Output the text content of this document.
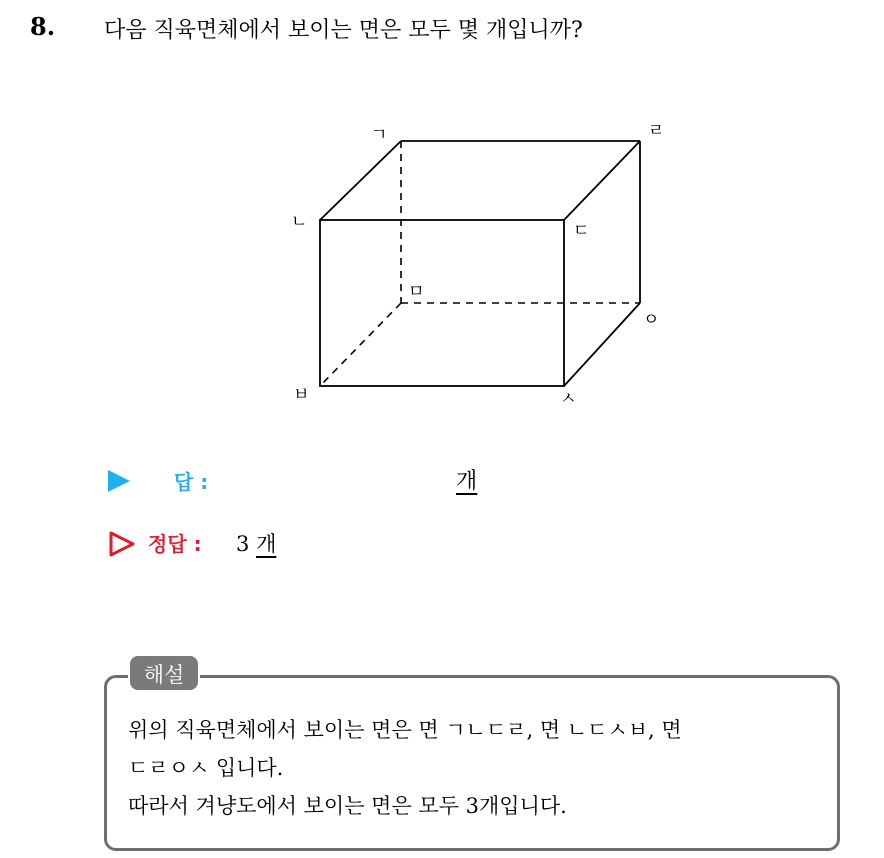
8. 다음 직육면체에서 보이는 면은 모두 몇 개입니까?
ㄱ	ㄹ
ㄴ	ㄷ
ㅁ
ㅇ
ㅂ	ㅅ
답 :	개
정답 : 3 개
해설
위의 직육면체에서 보이는 면은 면 ㄱㄴㄷㄹ, 면 ㄴㄷㅅㅂ, 면
ㄷㄹㅇㅅ 입니다.
따라서 겨냥도에서 보이는 면은 모두 3개입니다.
